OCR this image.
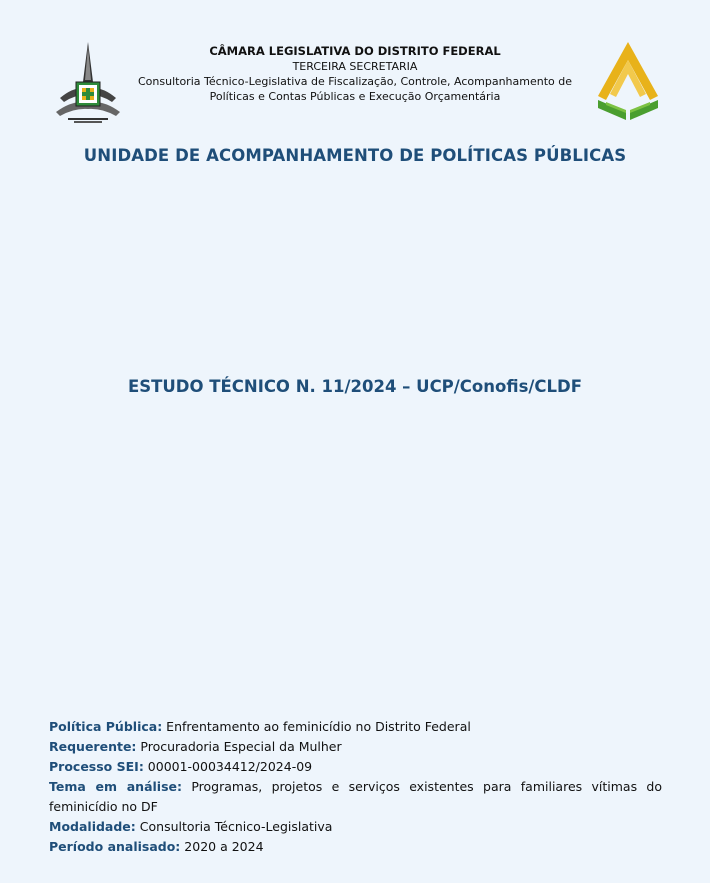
CÂMARA LEGISLATIVA DO DISTRITO FEDERAL
TERCEIRA SECRETARIA
Consultoria Técnico-Legislativa de Fiscalização, Controle, Acompanhamento de
Políticas e Contas Públicas e Execução Orçamentária
UNIDADE DE ACOMPANHAMENTO DE POLÍTICAS PÚBLICAS
ESTUDO TÉCNICO N. 11/2024 – UCP/Conofis/CLDF

Política Pública: Enfrentamento ao feminicídio no Distrito Federal

Requerente: Procuradoria Especial da Mulher

Processo SEI: 00001-00034412/2024-09

Tema em análise: Programas, projetos e serviços existentes para familiares vítimas do feminicídio no DF

Modalidade: Consultoria Técnico-Legislativa

Período analisado: 2020 a 2024
